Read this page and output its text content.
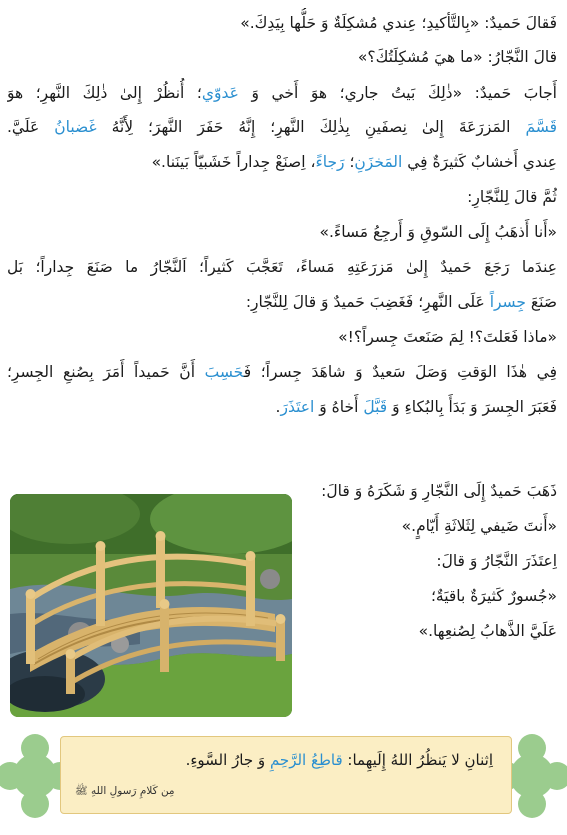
فَقالَ حَميدٌ: «بِالتَّأكيدِ؛ عِندي مُشكِلَةٌ وَ حَلُّها بِيَدِكَ.»
قالَ النَّجّارُ: «ما هيَ مُشكِلَتُكَ؟»
أَجابَ حَميدٌ: «ذٰلِكَ بَيتُ جاري؛ هوَ أَخي وَ عَدوّي؛ أُنظُرْ إِلیٰ ذٰلِكَ النَّهرِ؛ هوَ
قَسَّمَ المَزرَعَةَ إِلیٰ نِصفَينِ بِذٰلِكَ النَّهرِ؛ إِنَّهُ حَفَرَ النَّهرَ؛ لِأَنَّهُ غَضبانُ عَلَيَّ.
عِندي أَخشابٌ كَثيرَةٌ فِي المَخزَنِ؛ رَجاءً، اِصنَعْ جِداراً خَشَبيّاً بَينَنا.»
ثُمَّ قالَ لِلنَّجّارِ:
«أَنا أَذهَبُ إِلَی السّوقِ وَ أَرجِعُ مَساءً.»
عِندَما رَجَعَ حَميدٌ إِلیٰ مَزرَعَتِهِ مَساءً، تَعَجَّبَ كَثيراً؛ اَلنَّجّارُ ما صَنَعَ جِداراً؛ بَل
صَنَعَ جِسراً عَلَی النَّهرِ؛ فَغَضِبَ حَميدٌ وَ قالَ لِلنَّجّارِ:
«ماذا فَعَلتَ؟! لِمَ صَنَعتَ جِسراً؟!»
فِي هٰذَا الوَقتِ وَصَلَ سَعيدٌ وَ شاهَدَ جِسراً؛ فَحَسِبَ أَنَّ حَميداً أَمَرَ بِصُنعِ الجِسرِ؛
فَعَبَرَ الجِسرَ وَ بَدَأَ بِالبُكاءِ وَ قَبَّلَ أَخاهُ وَ اعتَذَرَ.
ذَهَبَ حَميدٌ إِلَی النَّجّارِ وَ شَكَرَهُ وَ قالَ:
«أَنتَ ضَيفي لِثَلاثَةِ أَيّامٍ.»
اِعتَذَرَ النَّجّارُ وَ قالَ:
«جُسورٌ كَثيرَةٌ باقيَةٌ؛
عَلَيَّ الذَّهابُ لِصُنعِها.»
اِثنانِ لا يَنظُرُ اللهُ إِلَيهِما: قاطِعُ الرَّحِمِ وَ جارُ السَّوءِ.
مِن كَلامِ رَسولِ اللهِ ﷺ
